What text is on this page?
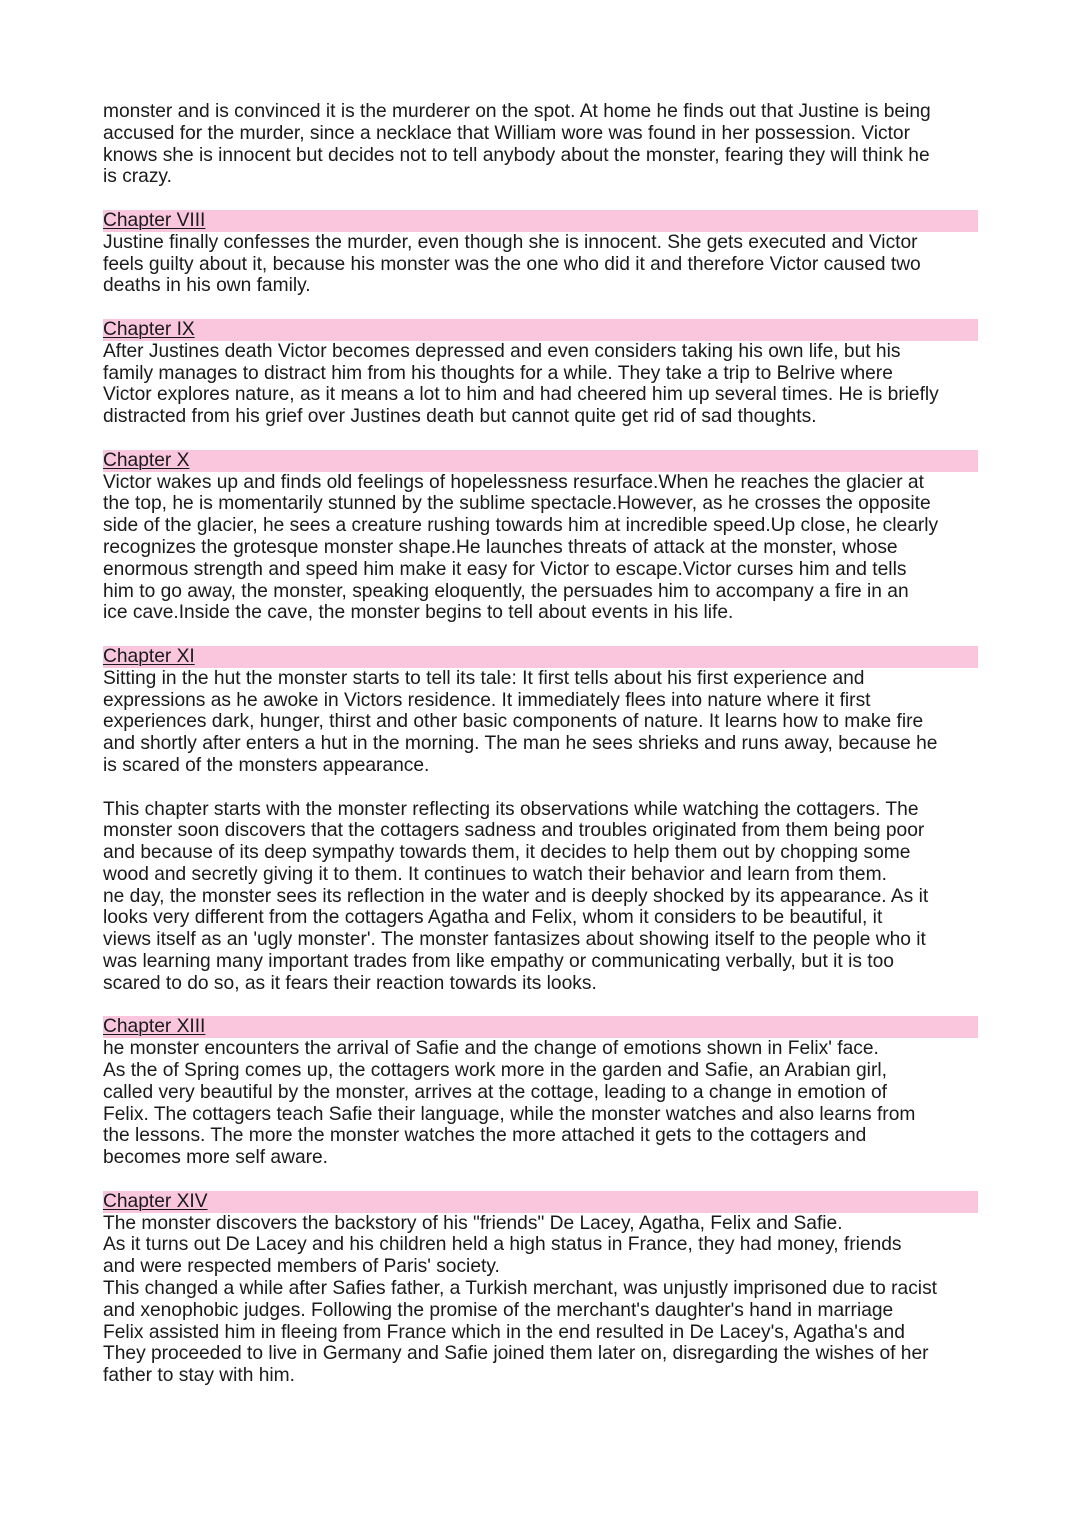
monster and is convinced it is the murderer on the spot. At home he finds out that Justine is being
accused for the murder, since a necklace that William wore was found in her possession. Victor
knows she is innocent but decides not to tell anybody about the monster, fearing they will think he
is crazy.

Chapter VIII

Justine finally confesses the murder, even though she is innocent. She gets executed and Victor
feels guilty about it, because his monster was the one who did it and therefore Victor caused two
deaths in his own family.

Chapter IX

After Justines death Victor becomes depressed and even considers taking his own life, but his
family manages to distract him from his thoughts for a while. They take a trip to Belrive where
Victor explores nature, as it means a lot to him and had cheered him up several times. He is briefly
distracted from his grief over Justines death but cannot quite get rid of sad thoughts.

Chapter X

Victor wakes up and finds old feelings of hopelessness resurface.When he reaches the glacier at
the top, he is momentarily stunned by the sublime spectacle.However, as he crosses the opposite
side of the glacier, he sees a creature rushing towards him at incredible speed.Up close, he clearly
recognizes the grotesque monster shape.He launches threats of attack at the monster, whose
enormous strength and speed him make it easy for Victor to escape.Victor curses him and tells
him to go away, the monster, speaking eloquently, the persuades him to accompany a fire in an
ice cave.Inside the cave, the monster begins to tell about events in his life.

Chapter XI

Sitting in the hut the monster starts to tell its tale: It first tells about his first experience and
expressions as he awoke in Victors residence. It immediately flees into nature where it first
experiences dark, hunger, thirst and other basic components of nature. It learns how to make fire
and shortly after enters a hut in the morning. The man he sees shrieks and runs away, because he
is scared of the monsters appearance.

This chapter starts with the monster reflecting its observations while watching the cottagers. The
monster soon discovers that the cottagers sadness and troubles originated from them being poor
and because of its deep sympathy towards them, it decides to help them out by chopping some
wood and secretly giving it to them. It continues to watch their behavior and learn from them.
ne day, the monster sees its reflection in the water and is deeply shocked by its appearance. As it
looks very different from the cottagers Agatha and Felix, whom it considers to be beautiful, it
views itself as an 'ugly monster'. The monster fantasizes about showing itself to the people who it
was learning many important trades from like empathy or communicating verbally, but it is too
scared to do so, as it fears their reaction towards its looks.

Chapter XIII

he monster encounters the arrival of Safie and the change of emotions shown in Felix' face.
As the of Spring comes up, the cottagers work more in the garden and Safie, an Arabian girl,
called very beautiful by the monster, arrives at the cottage, leading to a change in emotion of
Felix. The cottagers teach Safie their language, while the monster watches and also learns from
the lessons. The more the monster watches the more attached it gets to the cottagers and
becomes more self aware.

Chapter XIV

The monster discovers the backstory of his "friends" De Lacey, Agatha, Felix and Safie.
As it turns out De Lacey and his children held a high status in France, they had money, friends
and were respected members of Paris' society.
This changed a while after Safies father, a Turkish merchant, was unjustly imprisoned due to racist
and xenophobic judges. Following the promise of the merchant's daughter's hand in marriage
Felix assisted him in fleeing from France which in the end resulted in De Lacey's, Agatha's and
They proceeded to live in Germany and Safie joined them later on, disregarding the wishes of her
father to stay with him.
